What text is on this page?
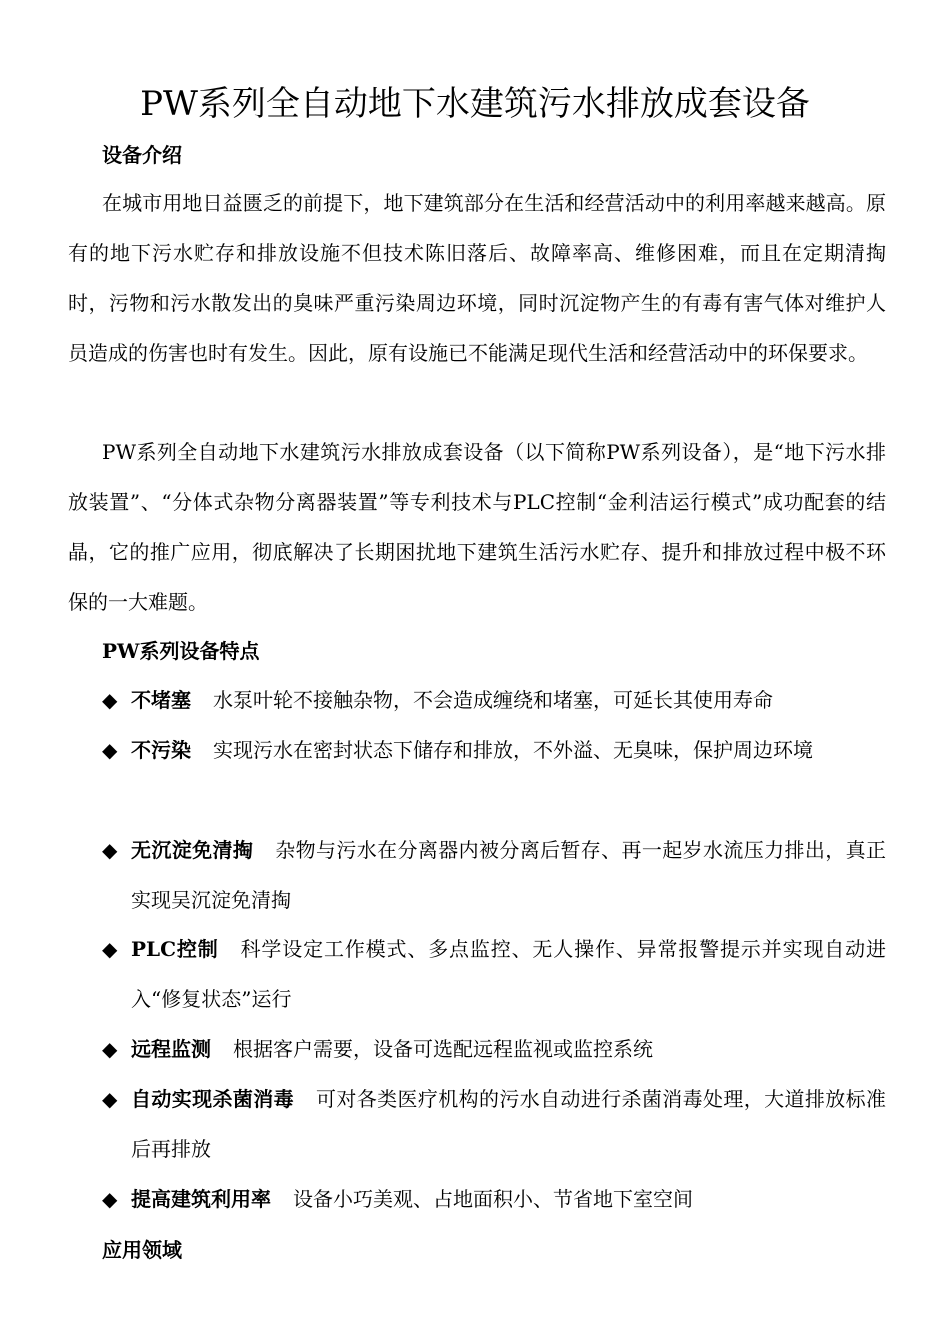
PW系列全自动地下水建筑污水排放成套设备
设备介绍

在城市用地日益匮乏的前提下，地下建筑部分在生活和经营活动中的利用率越来越高。原有的地下污水贮存和排放设施不但技术陈旧落后、故障率高、维修困难，而且在定期清掏时，污物和污水散发出的臭味严重污染周边环境，同时沉淀物产生的有毒有害气体对维护人员造成的伤害也时有发生。因此，原有设施已不能满足现代生活和经营活动中的环保要求。

PW系列全自动地下水建筑污水排放成套设备（以下简称PW系列设备），是“地下污水排放装置”、“分体式杂物分离器装置”等专利技术与PLC控制“金利洁运行模式”成功配套的结晶，它的推广应用，彻底解决了长期困扰地下建筑生活污水贮存、提升和排放过程中极不环保的一大难题。

PW系列设备特点
◆ 不堵塞 水泵叶轮不接触杂物，不会造成缠绕和堵塞，可延长其使用寿命
◆ 不污染 实现污水在密封状态下储存和排放，不外溢、无臭味，保护周边环境
◆ 无沉淀免清掏 杂物与污水在分离器内被分离后暂存、再一起岁水流压力排出，真正实现吴沉淀免清掏
◆ PLC控制 科学设定工作模式、多点监控、无人操作、异常报警提示并实现自动进入“修复状态”运行
◆ 远程监测 根据客户需要，设备可选配远程监视或监控系统
◆ 自动实现杀菌消毒 可对各类医疗机构的污水自动进行杀菌消毒处理，大道排放标准后再排放
◆ 提高建筑利用率 设备小巧美观、占地面积小、节省地下室空间
应用领域
